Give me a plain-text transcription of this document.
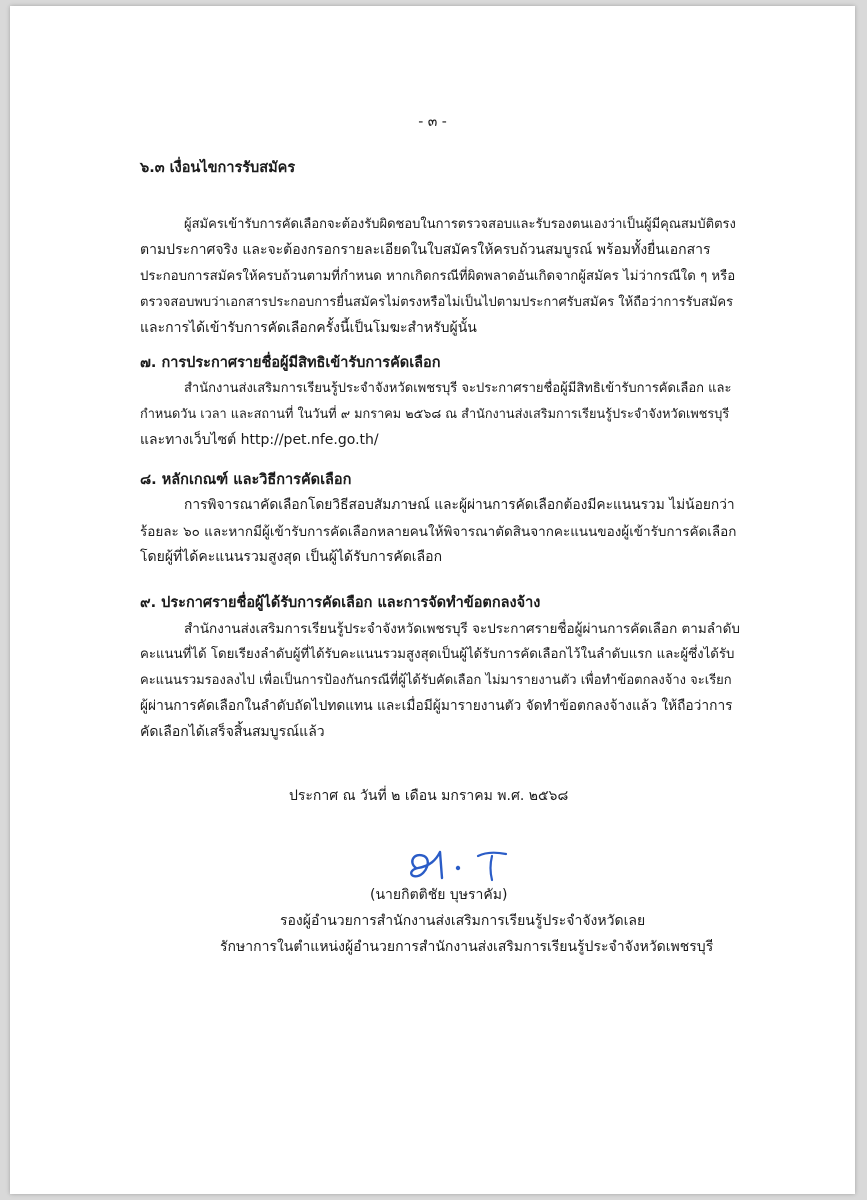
- ๓ -
๖.๓ เงื่อนไขการรับสมัคร
ผู้สมัครเข้ารับการคัดเลือกจะต้องรับผิดชอบในการตรวจสอบและรับรองตนเองว่าเป็นผู้มีคุณสมบัติตรง
ตามประกาศจริง และจะต้องกรอกรายละเอียดในใบสมัครให้ครบถ้วนสมบูรณ์ พร้อมทั้งยื่นเอกสาร
ประกอบการสมัครให้ครบถ้วนตามที่กำหนด หากเกิดกรณีที่ผิดพลาดอันเกิดจากผู้สมัคร ไม่ว่ากรณีใด ๆ หรือ
ตรวจสอบพบว่าเอกสารประกอบการยื่นสมัครไม่ตรงหรือไม่เป็นไปตามประกาศรับสมัคร ให้ถือว่าการรับสมัคร
และการได้เข้ารับการคัดเลือกครั้งนี้เป็นโมฆะสำหรับผู้นั้น
๗. การประกาศรายชื่อผู้มีสิทธิเข้ารับการคัดเลือก
สำนักงานส่งเสริมการเรียนรู้ประจำจังหวัดเพชรบุรี จะประกาศรายชื่อผู้มีสิทธิเข้ารับการคัดเลือก และ
กำหนดวัน เวลา และสถานที่ ในวันที่ ๙ มกราคม ๒๕๖๘ ณ สำนักงานส่งเสริมการเรียนรู้ประจำจังหวัดเพชรบุรี
และทางเว็บไซต์ http://pet.nfe.go.th/
๘. หลักเกณฑ์ และวิธีการคัดเลือก
การพิจารณาคัดเลือกโดยวิธีสอบสัมภาษณ์ และผู้ผ่านการคัดเลือกต้องมีคะแนนรวม ไม่น้อยกว่า
ร้อยละ ๖๐ และหากมีผู้เข้ารับการคัดเลือกหลายคนให้พิจารณาตัดสินจากคะแนนของผู้เข้ารับการคัดเลือก
โดยผู้ที่ได้คะแนนรวมสูงสุด เป็นผู้ได้รับการคัดเลือก
๙. ประกาศรายชื่อผู้ได้รับการคัดเลือก และการจัดทำข้อตกลงจ้าง
สำนักงานส่งเสริมการเรียนรู้ประจำจังหวัดเพชรบุรี จะประกาศรายชื่อผู้ผ่านการคัดเลือก ตามลำดับ
คะแนนที่ได้ โดยเรียงลำดับผู้ที่ได้รับคะแนนรวมสูงสุดเป็นผู้ได้รับการคัดเลือกไว้ในลำดับแรก และผู้ซึ่งได้รับ
คะแนนรวมรองลงไป เพื่อเป็นการป้องกันกรณีที่ผู้ได้รับคัดเลือก ไม่มารายงานตัว เพื่อทำข้อตกลงจ้าง จะเรียก
ผู้ผ่านการคัดเลือกในลำดับถัดไปทดแทน และเมื่อมีผู้มารายงานตัว จัดทำข้อตกลงจ้างแล้ว ให้ถือว่าการ
คัดเลือกได้เสร็จสิ้นสมบูรณ์แล้ว
ประกาศ ณ วันที่ ๒ เดือน มกราคม พ.ศ. ๒๕๖๘
(นายกิตติชัย บุษราคัม)
รองผู้อำนวยการสำนักงานส่งเสริมการเรียนรู้ประจำจังหวัดเลย
รักษาการในตำแหน่งผู้อำนวยการสำนักงานส่งเสริมการเรียนรู้ประจำจังหวัดเพชรบุรี
